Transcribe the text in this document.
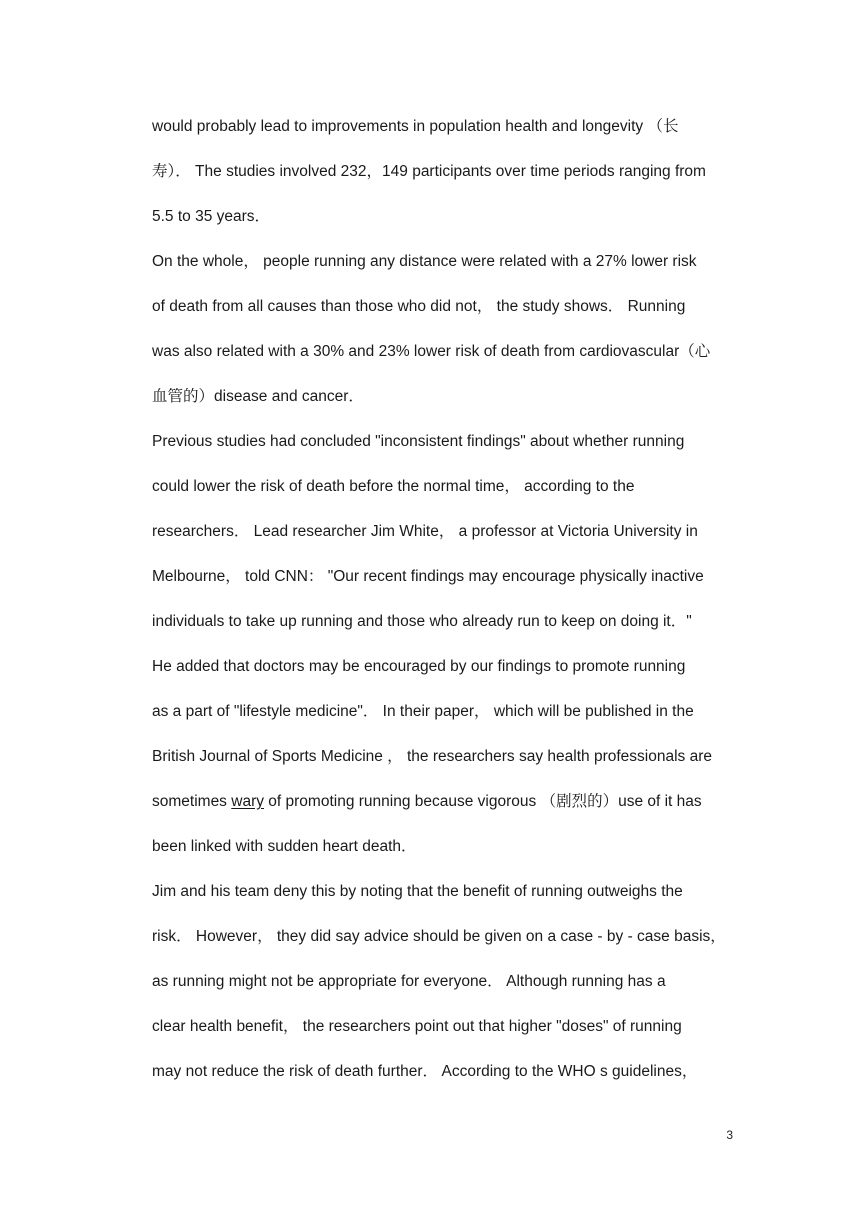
would probably lead to improvements in population health and longevity （长
寿）． The studies involved 232，149 participants over time periods ranging from
5.5 to 35 years．
On the whole， people running any distance were related with a 27% lower risk
of death from all causes than those who did not， the study shows． Running
was also related with a 30% and 23% lower risk of death from cardiovascular（心
血管的）disease and cancer．
Previous studies had concluded "inconsistent findings" about whether running
could lower the risk of death before the normal time， according to the
researchers． Lead researcher Jim White， a professor at Victoria University in
Melbourne， told CNN： "Our recent findings may encourage physically inactive
individuals to take up running and those who already run to keep on doing it．"
He added that doctors may be encouraged by our findings to promote running
as a part of "lifestyle medicine"． In their paper， which will be published in the
British Journal of Sports Medicine ， the researchers say health professionals are
sometimes wary of promoting running because vigorous （剧烈的）use of it has
been linked with sudden heart death．
Jim and his team deny this by noting that the benefit of running outweighs the
risk． However， they did say advice should be given on a case - by - case basis，
as running might not be appropriate for everyone． Although running has a
clear health benefit， the researchers point out that higher "doses" of running
may not reduce the risk of death further． According to the WHO s guidelines，
3
